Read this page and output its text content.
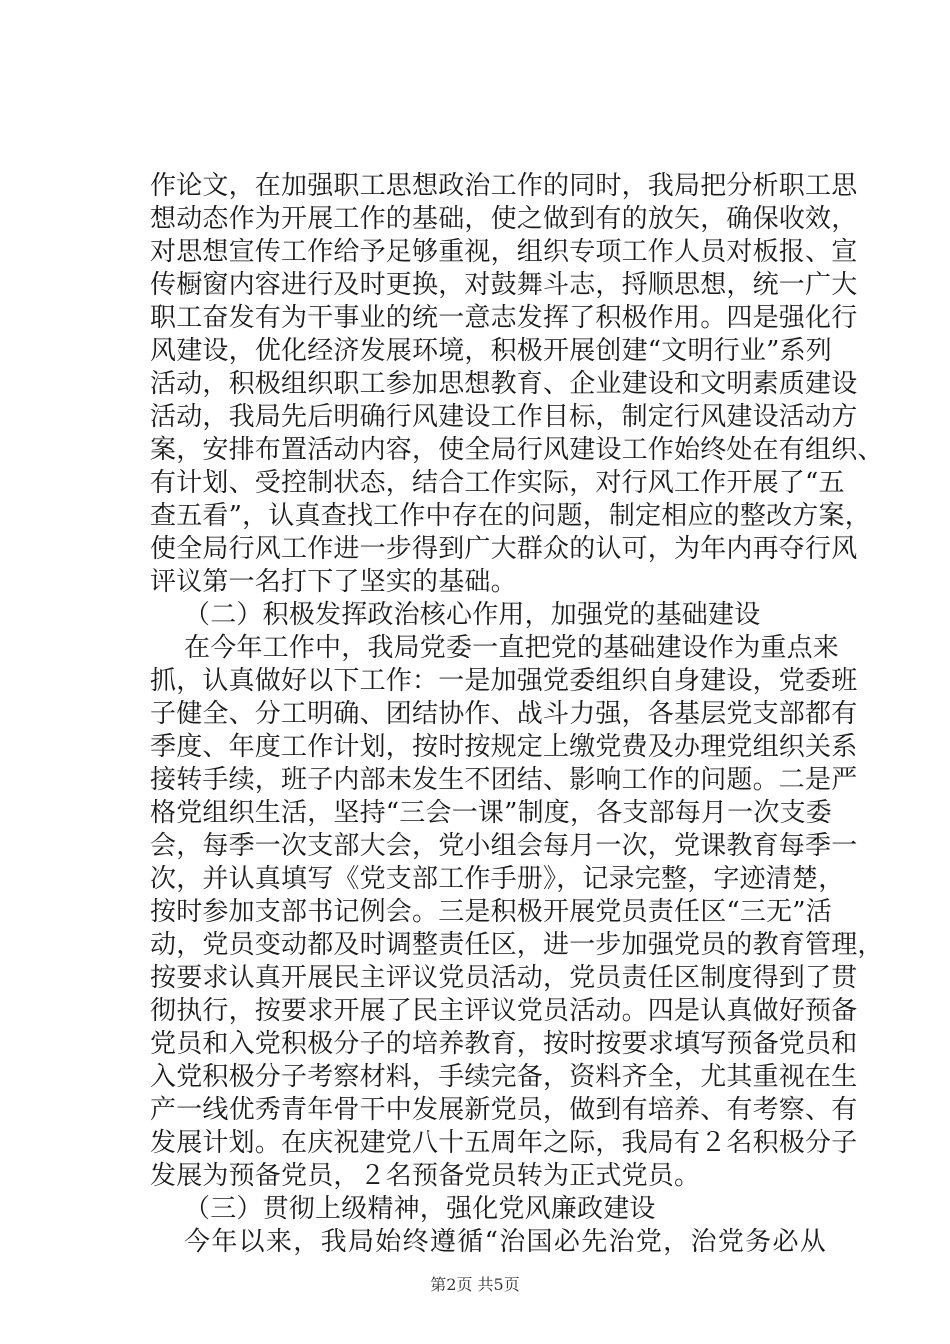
作论文，在加强职工思想政治工作的同时，我局把分析职工思
想动态作为开展工作的基础，使之做到有的放矢，确保收效，
对思想宣传工作给予足够重视，组织专项工作人员对板报、宣
传橱窗内容进行及时更换，对鼓舞斗志，捋顺思想，统一广大
职工奋发有为干事业的统一意志发挥了积极作用。四是强化行
风建设，优化经济发展环境，积极开展创建“文明行业”系列
活动，积极组织职工参加思想教育、企业建设和文明素质建设
活动，我局先后明确行风建设工作目标，制定行风建设活动方
案，安排布置活动内容，使全局行风建设工作始终处在有组织、
有计划、受控制状态，结合工作实际，对行风工作开展了“五
查五看”，认真查找工作中存在的问题，制定相应的整改方案，
使全局行风工作进一步得到广大群众的认可，为年内再夺行风
评议第一名打下了坚实的基础。
（二）积极发挥政治核心作用，加强党的基础建设
在今年工作中，我局党委一直把党的基础建设作为重点来
抓，认真做好以下工作：一是加强党委组织自身建设，党委班
子健全、分工明确、团结协作、战斗力强，各基层党支部都有
季度、年度工作计划，按时按规定上缴党费及办理党组织关系
接转手续，班子内部未发生不团结、影响工作的问题。二是严
格党组织生活，坚持“三会一课”制度，各支部每月一次支委
会，每季一次支部大会，党小组会每月一次，党课教育每季一
次，并认真填写《党支部工作手册》，记录完整，字迹清楚，
按时参加支部书记例会。三是积极开展党员责任区“三无”活
动，党员变动都及时调整责任区，进一步加强党员的教育管理，
按要求认真开展民主评议党员活动，党员责任区制度得到了贯
彻执行，按要求开展了民主评议党员活动。四是认真做好预备
党员和入党积极分子的培养教育，按时按要求填写预备党员和
入党积极分子考察材料，手续完备，资料齐全，尤其重视在生
产一线优秀青年骨干中发展新党员，做到有培养、有考察、有
发展计划。在庆祝建党八十五周年之际，我局有２名积极分子
发展为预备党员，２名预备党员转为正式党员。
（三）贯彻上级精神，强化党风廉政建设
今年以来，我局始终遵循“治国必先治党，治党务必从
第2页 共5页
